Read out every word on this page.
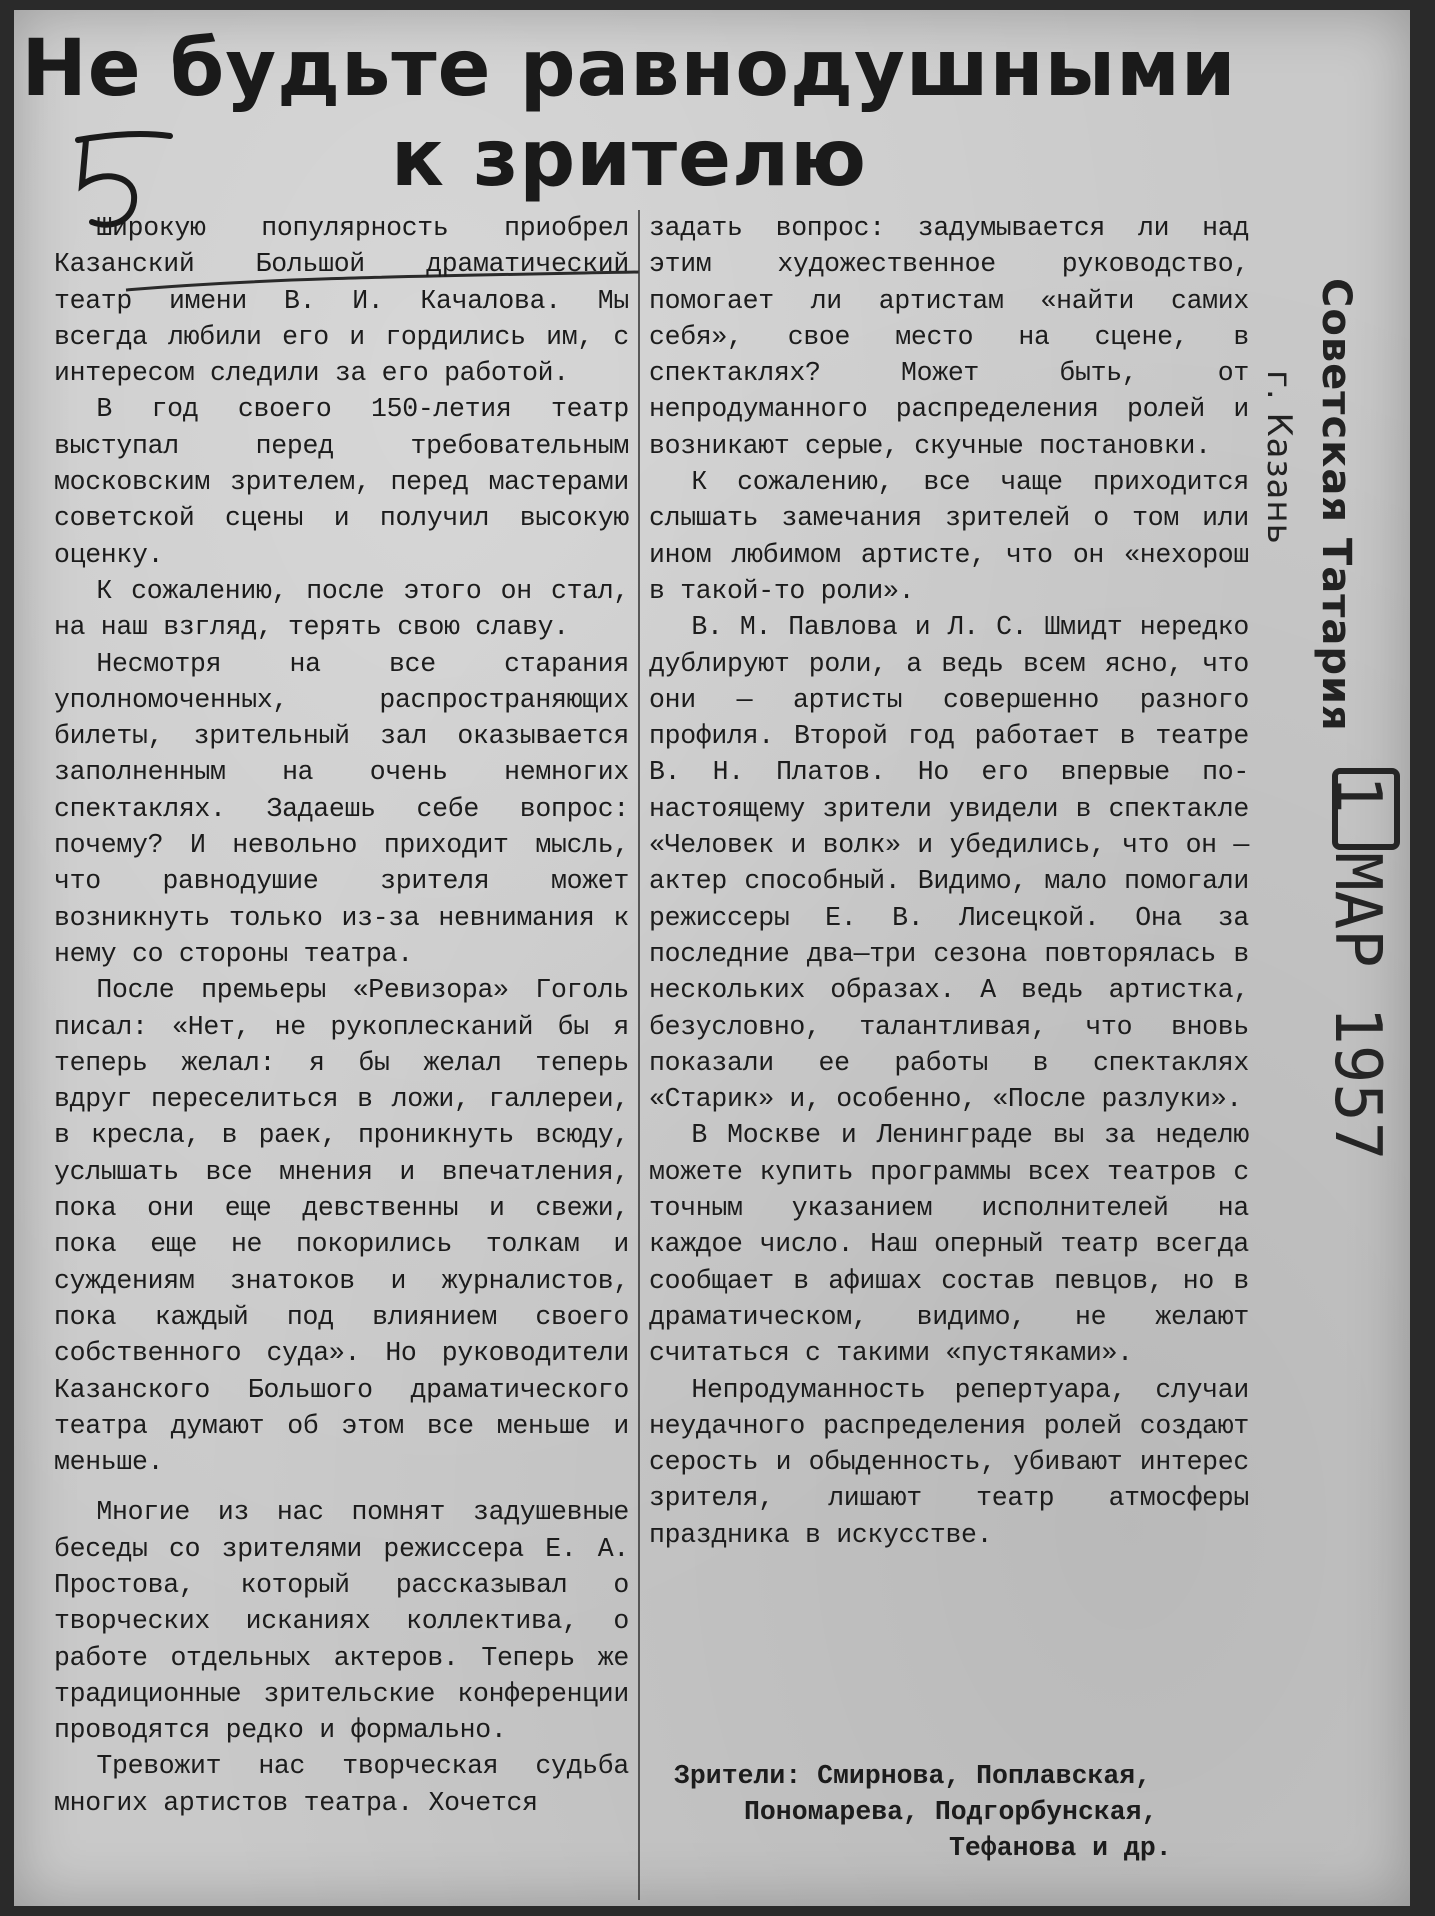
Не будьте равнодушными
к зрителю

Широкую популярность приобрел Казанский Большой драматический театр имени В. И. Качалова. Мы всегда любили его и гордились им, с интересом следили за его работой.

В год своего 150-летия театр выступал перед требовательным московским зрителем, перед мастерами советской сцены и получил высокую оценку.

К сожалению, после этого он стал, на наш взгляд, терять свою славу.

Несмотря на все старания уполномоченных, распространяющих билеты, зрительный зал оказывается заполненным на очень немногих спектаклях. Задаешь себе вопрос: почему? И невольно приходит мысль, что равнодушие зрителя может возникнуть только из-за невнимания к нему со стороны театра.

После премьеры «Ревизора» Гоголь писал: «Нет, не рукоплесканий бы я теперь желал: я бы желал теперь вдруг переселиться в ложи, галлереи, в кресла, в раек, проникнуть всюду, услышать все мнения и впечатления, пока они еще девственны и свежи, пока еще не покорились толкам и суждениям знатоков и журналистов, пока каждый под влиянием своего собственного суда». Но руководители Казанского Большого драматического театра думают об этом все меньше и меньше.

Многие из нас помнят задушевные беседы со зрителями режиссера Е. А. Простова, который рассказывал о творческих исканиях коллектива, о работе отдельных актеров. Теперь же традиционные зрительские конференции проводятся редко и формально.

Тревожит нас творческая судьба многих артистов театра. Хочется

задать вопрос: задумывается ли над этим художественное руководство, помогает ли артистам «найти самих себя», свое место на сцене, в спектаклях? Может быть, от непродуманного распределения ролей и возникают серые, скучные постановки.

К сожалению, все чаще приходится слышать замечания зрителей о том или ином любимом артисте, что он «нехорош в такой-то роли».

В. М. Павлова и Л. С. Шмидт нередко дублируют роли, а ведь всем ясно, что они — артисты совершенно разного профиля. Второй год работает в театре В. Н. Платов. Но его впервые по-настоящему зрители увидели в спектакле «Человек и волк» и убедились, что он — актер способный. Видимо, мало помогали режиссеры Е. В. Лисецкой. Она за последние два—три сезона повторялась в нескольких образах. А ведь артистка, безусловно, талантливая, что вновь показали ее работы в спектаклях «Старик» и, особенно, «После разлуки».

В Москве и Ленинграде вы за неделю можете купить программы всех театров с точным указанием исполнителей на каждое число. Наш оперный театр всегда сообщает в афишах состав певцов, но в драматическом, видимо, не желают считаться с такими «пустяками».

Непродуманность репертуара, случаи неудачного распределения ролей создают серость и обыденность, убивают интерес зрителя, лишают театр атмосферы праздника в искусстве.

Зрители: Смирнова, Поплавская,
Пономарева, Подгорбунская,
Тефанова и др.
Советская Татария
г. Казань
1 МАР 1957
